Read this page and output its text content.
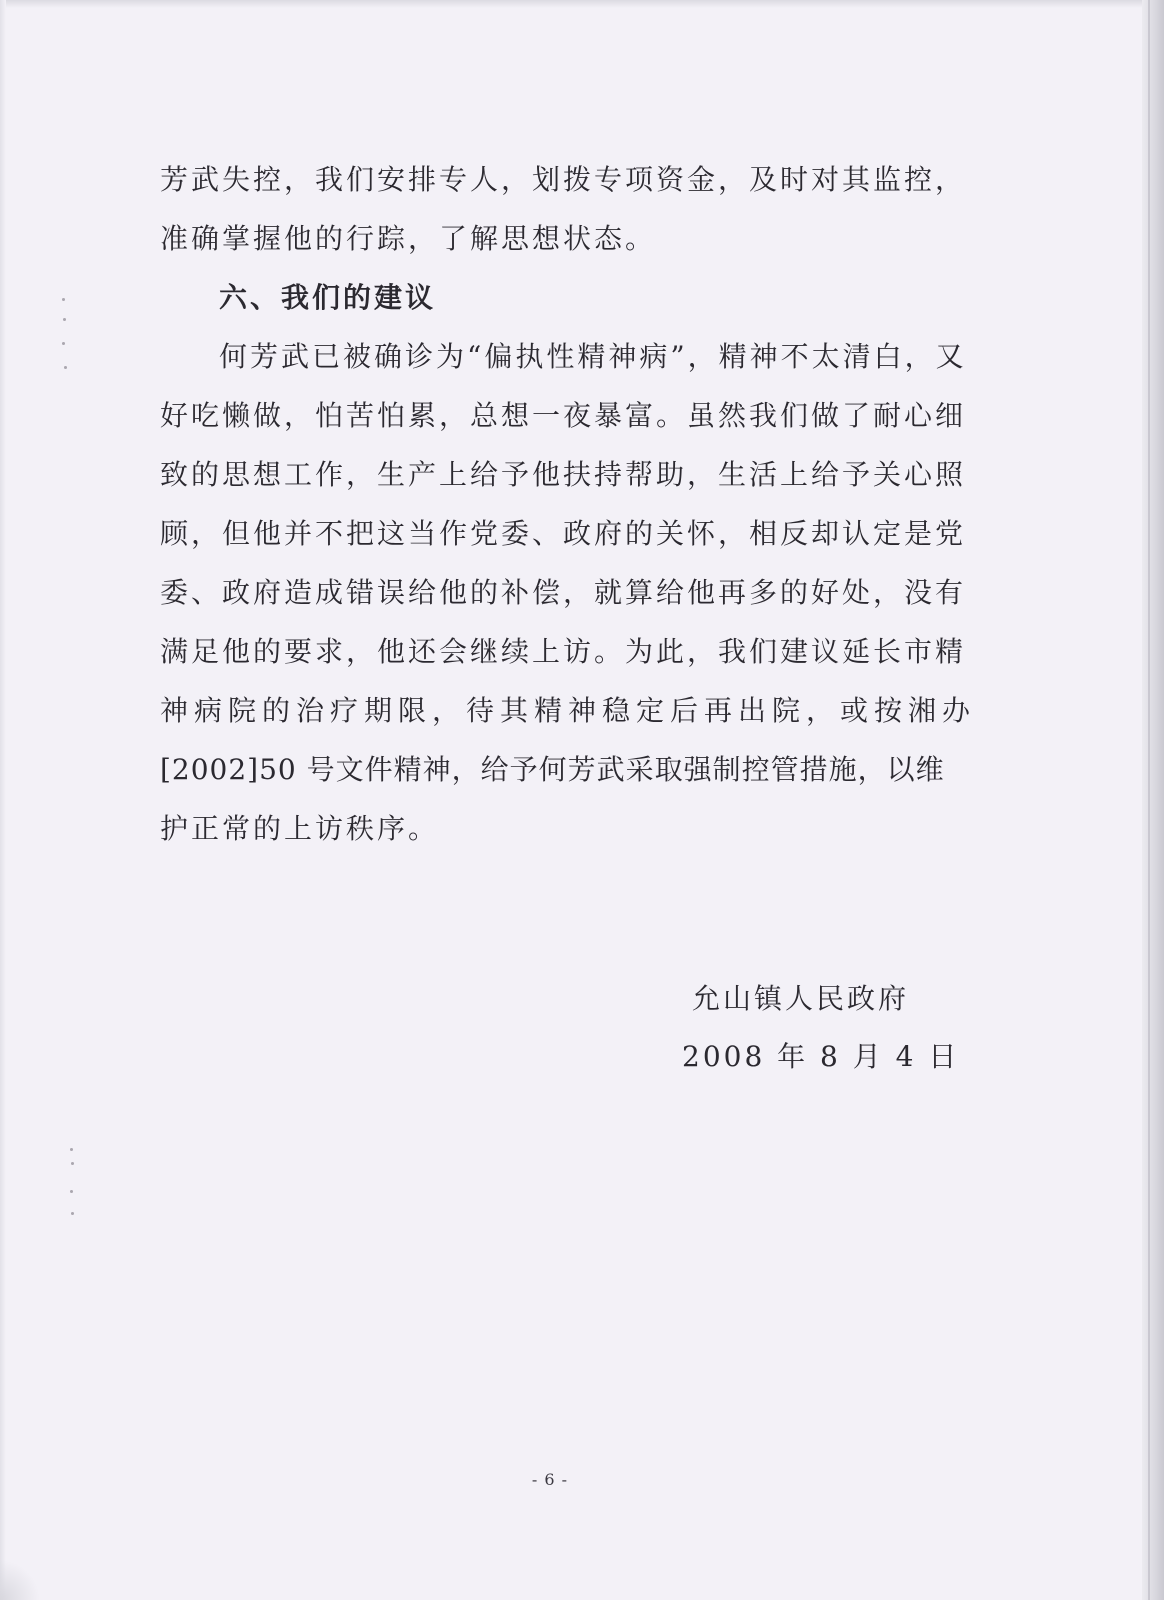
芳武失控，我们安排专人，划拨专项资金，及时对其监控，
准确掌握他的行踪，了解思想状态。
六、我们的建议
何芳武已被确诊为“偏执性精神病”，精神不太清白，又
好吃懒做，怕苦怕累，总想一夜暴富。虽然我们做了耐心细
致的思想工作，生产上给予他扶持帮助，生活上给予关心照
顾，但他并不把这当作党委、政府的关怀，相反却认定是党
委、政府造成错误给他的补偿，就算给他再多的好处，没有
满足他的要求，他还会继续上访。为此，我们建议延长市精
神病院的治疗期限，待其精神稳定后再出院，或按湘办
[2002]50 号文件精神，给予何芳武采取强制控管措施，以维
护正常的上访秩序。
允山镇人民政府
2008 年 8 月 4 日
- 6 -
